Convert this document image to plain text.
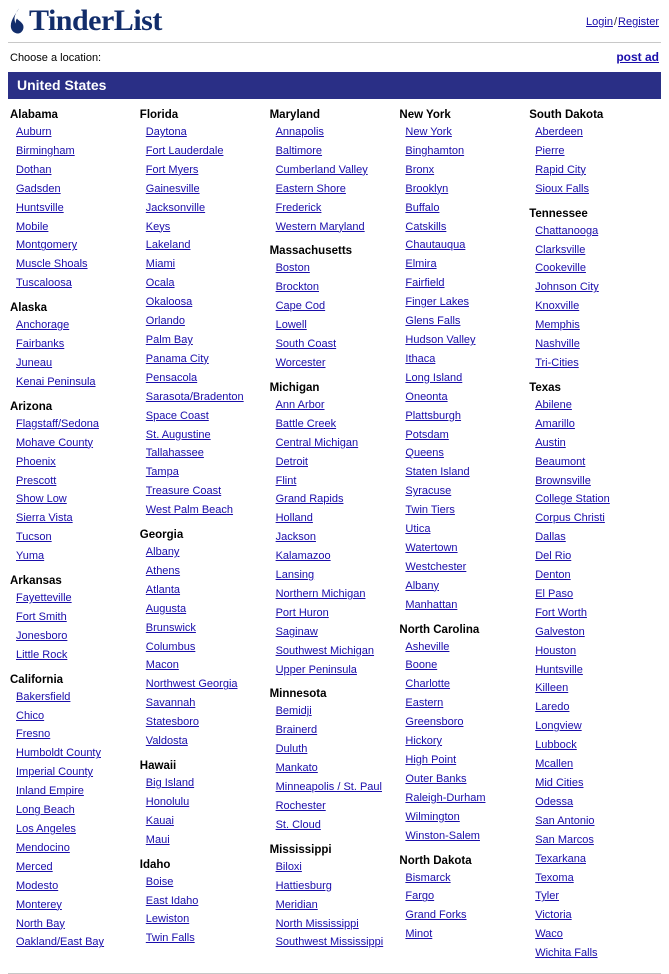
TinderList	Login/Register
Choose a location:	post ad
United States
Alabama
Auburn
Birmingham
Dothan
Gadsden
Huntsville
Mobile
Montgomery
Muscle Shoals
Tuscaloosa
Alaska
Anchorage
Fairbanks
Juneau
Kenai Peninsula
Arizona
Flagstaff/Sedona
Mohave County
Phoenix
Prescott
Show Low
Sierra Vista
Tucson
Yuma
Arkansas
Fayetteville
Fort Smith
Jonesboro
Little Rock
California
Bakersfield
Chico
Fresno
Humboldt County
Imperial County
Inland Empire
Long Beach
Los Angeles
Mendocino
Merced
Modesto
Monterey
North Bay
Oakland/East Bay
Florida
Daytona
Fort Lauderdale
Fort Myers
Gainesville
Jacksonville
Keys
Lakeland
Miami
Ocala
Okaloosa
Orlando
Palm Bay
Panama City
Pensacola
Sarasota/Bradenton
Space Coast
St. Augustine
Tallahassee
Tampa
Treasure Coast
West Palm Beach
Georgia
Albany
Athens
Atlanta
Augusta
Brunswick
Columbus
Macon
Northwest Georgia
Savannah
Statesboro
Valdosta
Hawaii
Big Island
Honolulu
Kauai
Maui
Idaho
Boise
East Idaho
Lewiston
Twin Falls
Maryland
Annapolis
Baltimore
Cumberland Valley
Eastern Shore
Frederick
Western Maryland
Massachusetts
Boston
Brockton
Cape Cod
Lowell
South Coast
Worcester
Michigan
Ann Arbor
Battle Creek
Central Michigan
Detroit
Flint
Grand Rapids
Holland
Jackson
Kalamazoo
Lansing
Northern Michigan
Port Huron
Saginaw
Southwest Michigan
Upper Peninsula
Minnesota
Bemidji
Brainerd
Duluth
Mankato
Minneapolis / St. Paul
Rochester
St. Cloud
Mississippi
Biloxi
Hattiesburg
Meridian
North Mississippi
Southwest Mississippi
New York
New York
Binghamton
Bronx
Brooklyn
Buffalo
Catskills
Chautauqua
Elmira
Fairfield
Finger Lakes
Glens Falls
Hudson Valley
Ithaca
Long Island
Oneonta
Plattsburgh
Potsdam
Queens
Staten Island
Syracuse
Twin Tiers
Utica
Watertown
Westchester
Albany
Manhattan
North Carolina
Asheville
Boone
Charlotte
Eastern
Greensboro
Hickory
High Point
Outer Banks
Raleigh-Durham
Wilmington
Winston-Salem
North Dakota
Bismarck
Fargo
Grand Forks
Minot
South Dakota
Aberdeen
Pierre
Rapid City
Sioux Falls
Tennessee
Chattanooga
Clarksville
Cookeville
Johnson City
Knoxville
Memphis
Nashville
Tri-Cities
Texas
Abilene
Amarillo
Austin
Beaumont
Brownsville
College Station
Corpus Christi
Dallas
Del Rio
Denton
El Paso
Fort Worth
Galveston
Houston
Huntsville
Killeen
Laredo
Longview
Lubbock
Mcallen
Mid Cities
Odessa
San Antonio
San Marcos
Texarkana
Texoma
Tyler
Victoria
Waco
Wichita Falls
